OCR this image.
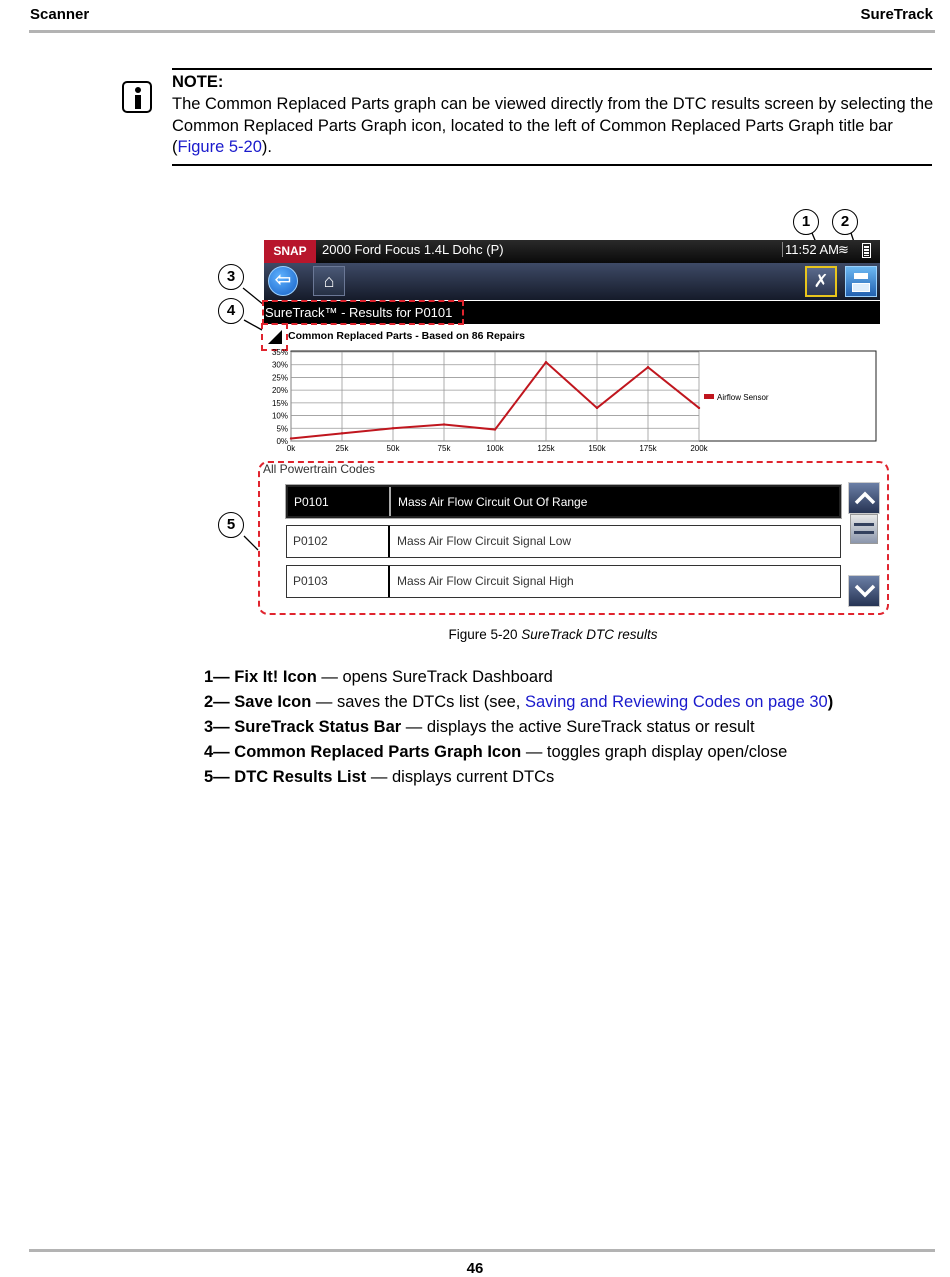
Scanner	SureTrack
NOTE:
The Common Replaced Parts graph can be viewed directly from the DTC results screen by selecting the Common Replaced Parts Graph icon, located to the left of Common Replaced Parts Graph title bar (Figure 5-20).
1	2
3
4
5
SNAP	2000 Ford Focus 1.4L Dohc (P)	11:52 AM ≋
⇦	⌂	✗
SureTrack™ - Results for P0101
Common Replaced Parts - Based on 86 Repairs
35%
30%
25%
20%
15%
10%
5%
0%
0k	25k	50k	75k	100k	125k	150k	175k	200k
Airflow Sensor
All Powertrain Codes
P0101	Mass Air Flow Circuit Out Of Range
P0102	Mass Air Flow Circuit Signal Low
P0103	Mass Air Flow Circuit Signal High
Figure 5-20 SureTrack DTC results
1— Fix It! Icon — opens SureTrack Dashboard
2— Save Icon — saves the DTCs list (see, Saving and Reviewing Codes on page 30)
3— SureTrack Status Bar — displays the active SureTrack status or result
4— Common Replaced Parts Graph Icon — toggles graph display open/close
5— DTC Results List — displays current DTCs
46
